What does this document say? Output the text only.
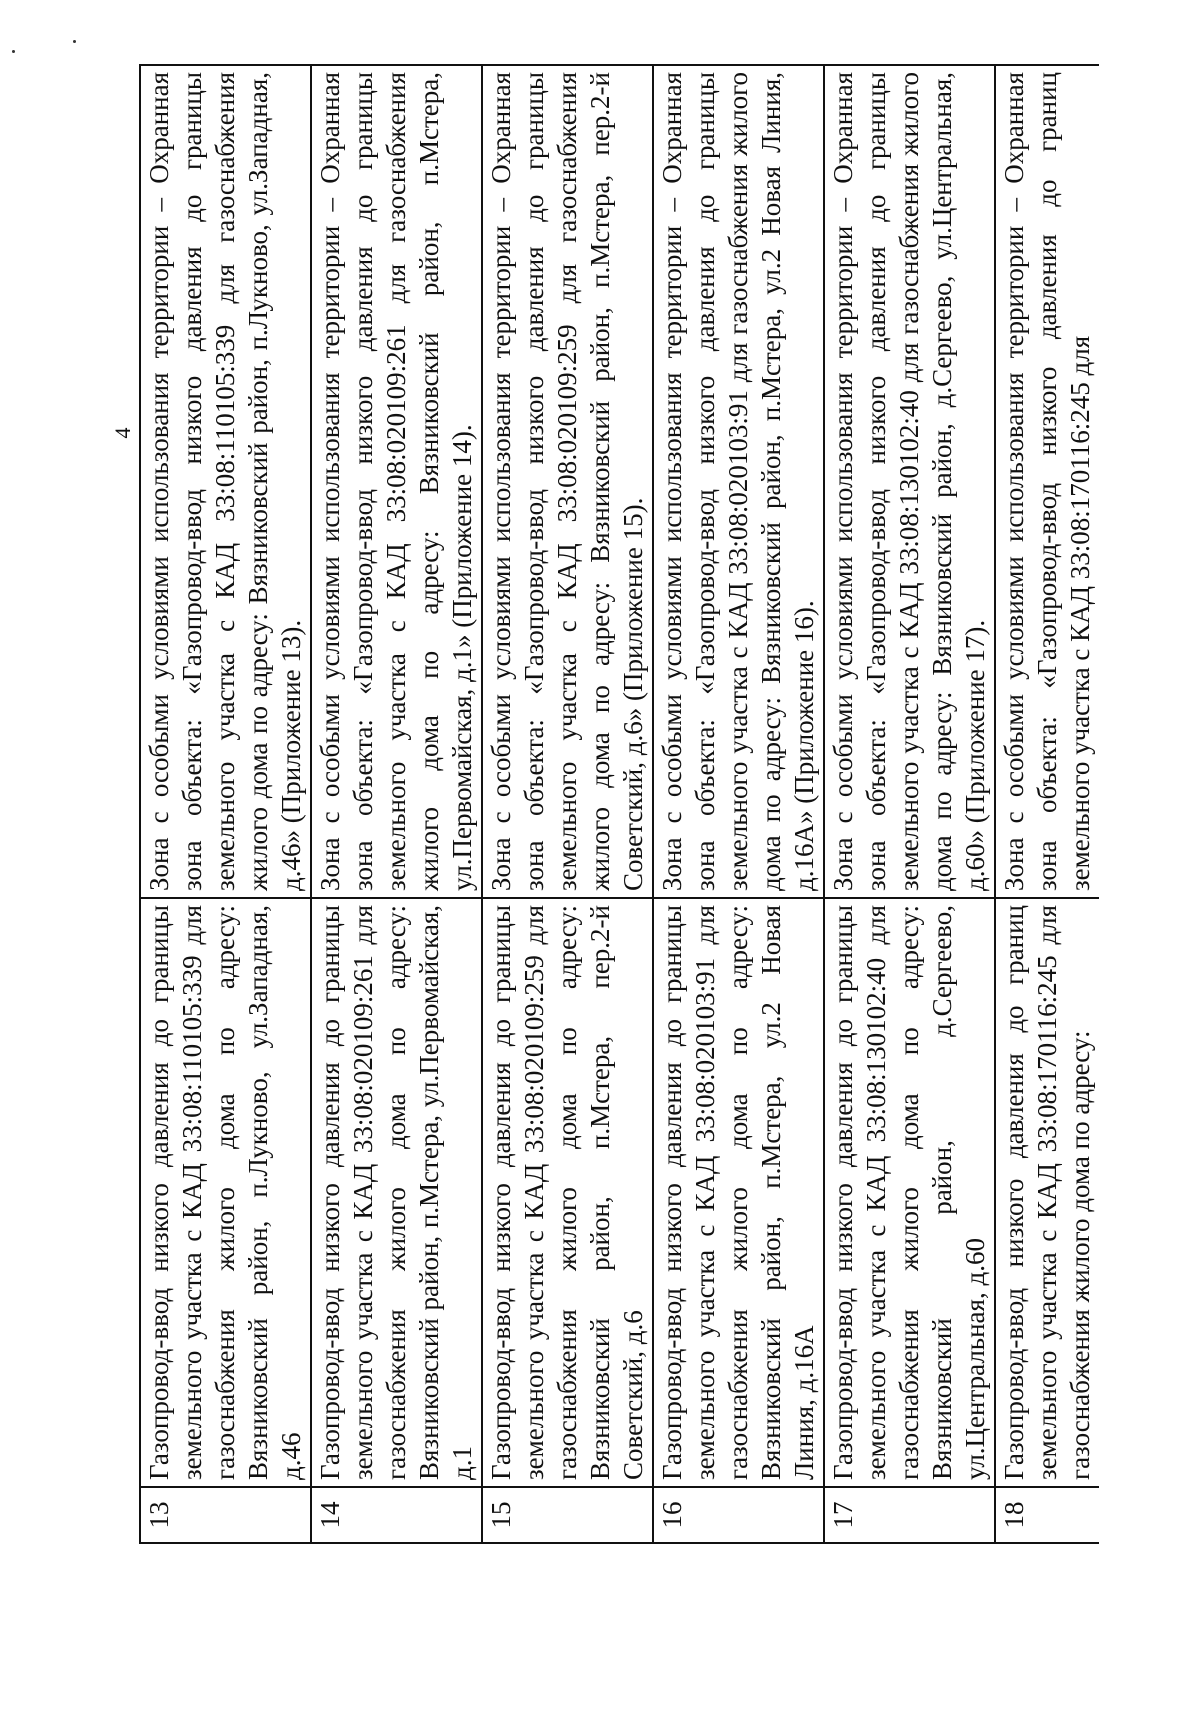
4
13	Газопровод-ввод низкого давления до границы земельного участка с КАД 33:08:110105:339 для газоснабжения жилого дома по адресу: Вязниковский район, п.Лукново, ул.Западная, д.46	Зона с особыми условиями использования территории – Охранная зона объекта: «Газопровод-ввод низкого давления до границы земельного участка с КАД 33:08:110105:339 для газоснабжения жилого дома по адресу: Вязниковский район, п.Лукново, ул.Западная, д.46» (Приложение 13).
14	Газопровод-ввод низкого давления до границы земельного участка с КАД 33:08:020109:261 для газоснабжения жилого дома по адресу: Вязниковский район, п.Мстера, ул.Первомайская, д.1	Зона с особыми условиями использования территории – Охранная зона объекта: «Газопровод-ввод низкого давления до границы земельного участка с КАД 33:08:020109:261 для газоснабжения жилого дома по адресу: Вязниковский район, п.Мстера, ул.Первомайская, д.1» (Приложение 14).
15	Газопровод-ввод низкого давления до границы земельного участка с КАД 33:08:020109:259 для газоснабжения жилого дома по адресу: Вязниковский район, п.Мстера, пер.2-й Советский, д.6	Зона с особыми условиями использования территории – Охранная зона объекта: «Газопровод-ввод низкого давления до границы земельного участка с КАД 33:08:020109:259 для газоснабжения жилого дома по адресу: Вязниковский район, п.Мстера, пер.2-й Советский, д.6» (Приложение 15).
16	Газопровод-ввод низкого давления до границы земельного участка с КАД 33:08:020103:91 для газоснабжения жилого дома по адресу: Вязниковский район, п.Мстера, ул.2 Новая Линия, д.16А	Зона с особыми условиями использования территории – Охранная зона объекта: «Газопровод-ввод низкого давления до границы земельного участка с КАД 33:08:020103:91 для газоснабжения жилого дома по адресу: Вязниковский район, п.Мстера, ул.2 Новая Линия, д.16А» (Приложение 16).
17	Газопровод-ввод низкого давления до границы земельного участка с КАД 33:08:130102:40 для газоснабжения жилого дома по адресу: Вязниковский район, д.Сергеево, ул.Центральная, д.60	Зона с особыми условиями использования территории – Охранная зона объекта: «Газопровод-ввод низкого давления до границы земельного участка с КАД 33:08:130102:40 для газоснабжения жилого дома по адресу: Вязниковский район, д.Сергеево, ул.Центральная, д.60» (Приложение 17).
18	Газопровод-ввод низкого давления до границ земельного участка с КАД 33:08:170116:245 для газоснабжения жилого дома по адресу:	Зона с особыми условиями использования территории – Охранная зона объекта: «Газопровод-ввод низкого давления до границ земельного участка с КАД 33:08:170116:245 для
